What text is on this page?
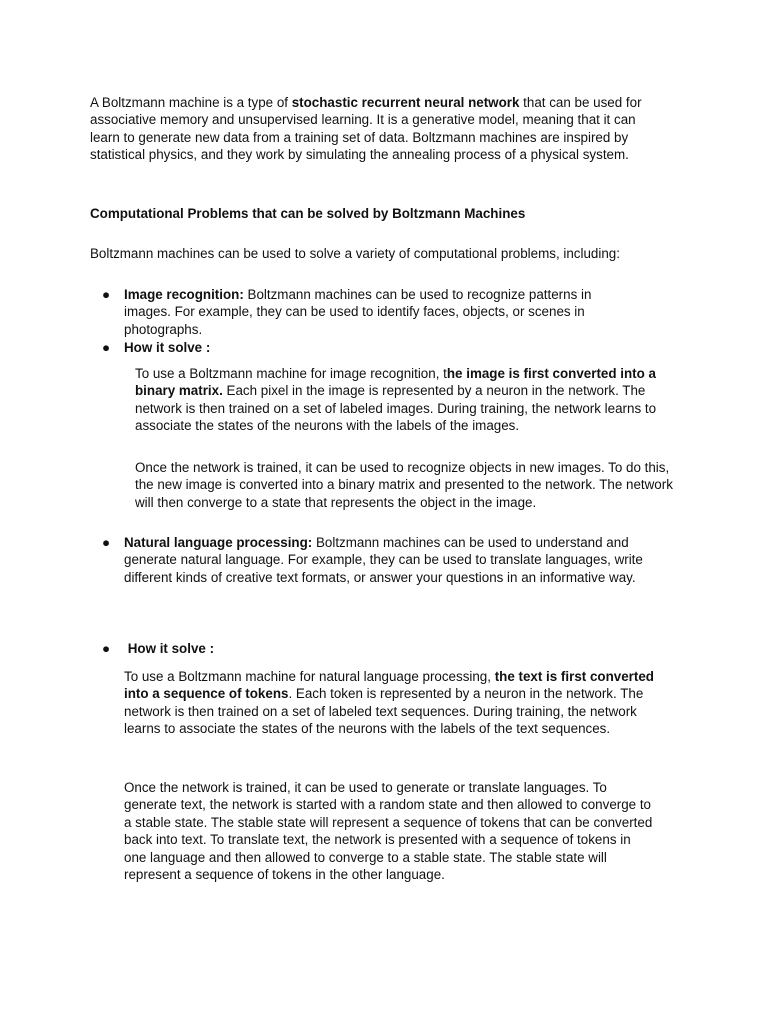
A Boltzmann machine is a type of stochastic recurrent neural network that can be used for associative memory and unsupervised learning. It is a generative model, meaning that it can learn to generate new data from a training set of data. Boltzmann machines are inspired by statistical physics, and they work by simulating the annealing process of a physical system.

Computational Problems that can be solved by Boltzmann Machines

Boltzmann machines can be used to solve a variety of computational problems, including:

● Image recognition: Boltzmann machines can be used to recognize patterns in images. For example, they can be used to identify faces, objects, or scenes in photographs.

● How it solve :

To use a Boltzmann machine for image recognition, the image is first converted into a binary matrix. Each pixel in the image is represented by a neuron in the network. The network is then trained on a set of labeled images. During training, the network learns to associate the states of the neurons with the labels of the images.

Once the network is trained, it can be used to recognize objects in new images. To do this, the new image is converted into a binary matrix and presented to the network. The network will then converge to a state that represents the object in the image.

● Natural language processing: Boltzmann machines can be used to understand and generate natural language. For example, they can be used to translate languages, write different kinds of creative text formats, or answer your questions in an informative way.

● How it solve :

To use a Boltzmann machine for natural language processing, the text is first converted into a sequence of tokens. Each token is represented by a neuron in the network. The network is then trained on a set of labeled text sequences. During training, the network learns to associate the states of the neurons with the labels of the text sequences.

Once the network is trained, it can be used to generate or translate languages. To generate text, the network is started with a random state and then allowed to converge to a stable state. The stable state will represent a sequence of tokens that can be converted back into text. To translate text, the network is presented with a sequence of tokens in one language and then allowed to converge to a stable state. The stable state will represent a sequence of tokens in the other language.
